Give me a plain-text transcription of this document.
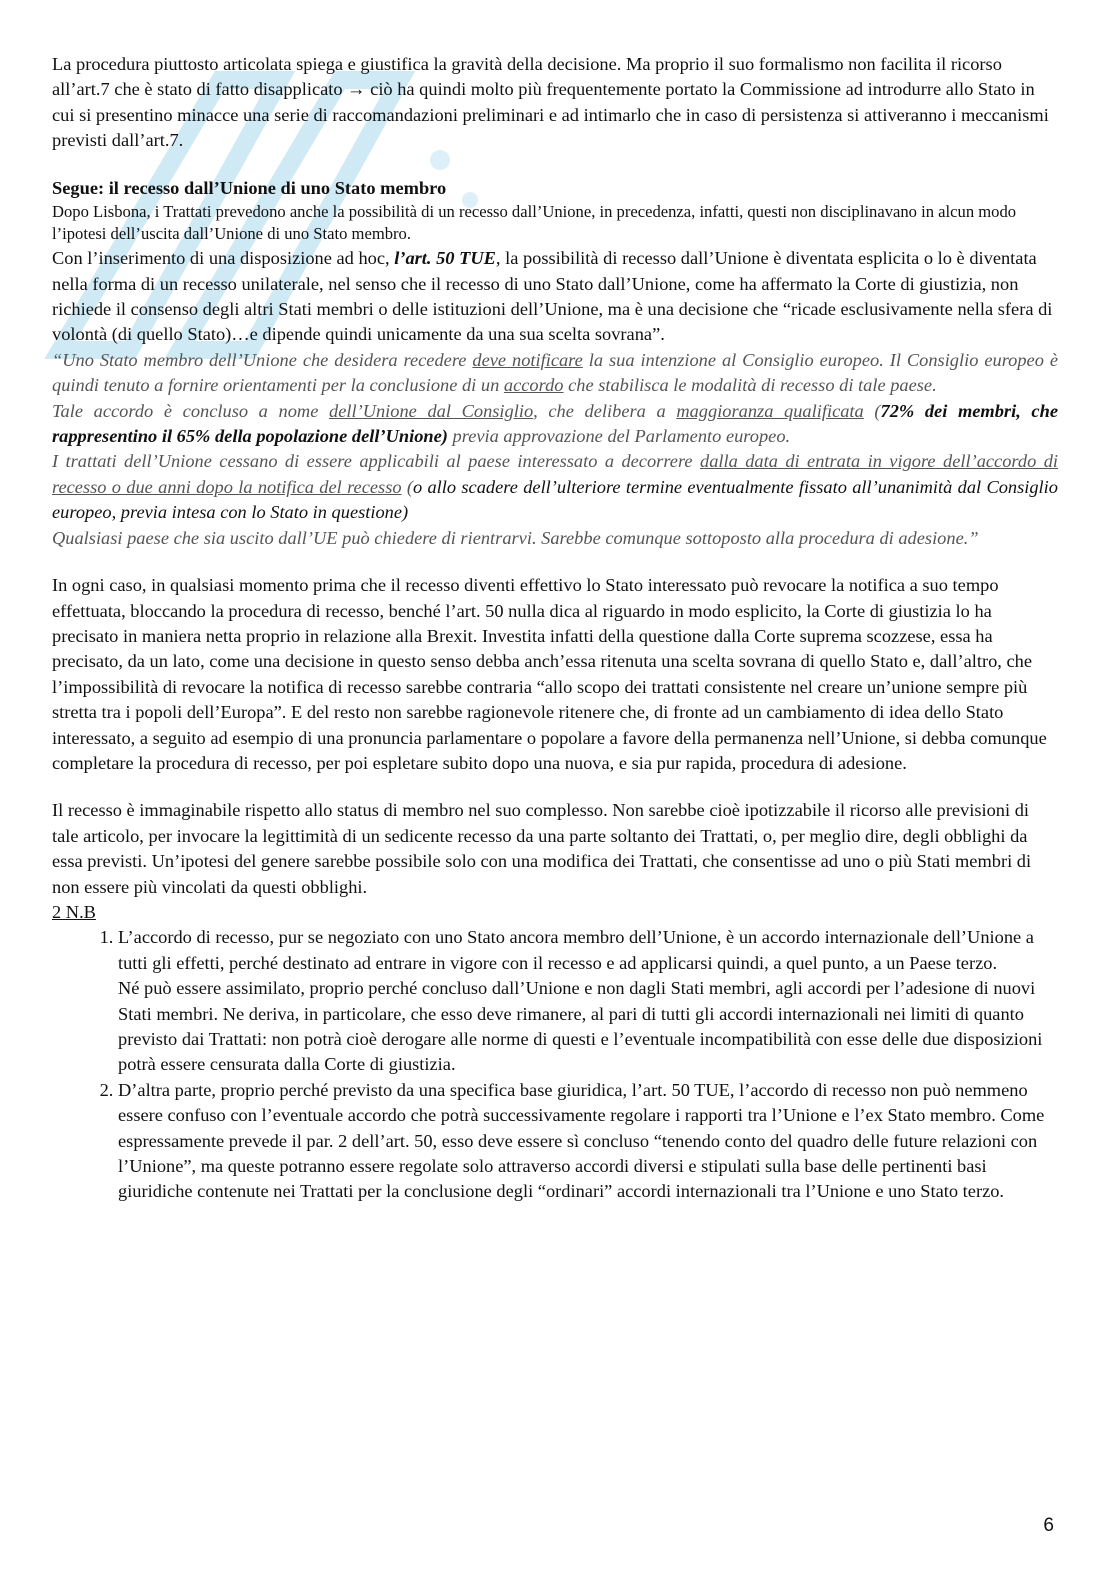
La procedura piuttosto articolata spiega e giustifica la gravità della decisione. Ma proprio il suo formalismo non facilita il ricorso all’art.7 che è stato di fatto disapplicato → ciò ha quindi molto più frequentemente portato la Commissione ad introdurre allo Stato in cui si presentino minacce una serie di raccomandazioni preliminari e ad intimarlo che in caso di persistenza si attiveranno i meccanismi previsti dall’art.7.

Segue: il recesso dall’Unione di uno Stato membro

Dopo Lisbona, i Trattati prevedono anche la possibilità di un recesso dall’Unione, in precedenza, infatti, questi non disciplinavano in alcun modo l’ipotesi dell’uscita dall’Unione di uno Stato membro.

Con l’inserimento di una disposizione ad hoc, l’art. 50 TUE, la possibilità di recesso dall’Unione è diventata esplicita o lo è diventata nella forma di un recesso unilaterale, nel senso che il recesso di uno Stato dall’Unione, come ha affermato la Corte di giustizia, non richiede il consenso degli altri Stati membri o delle istituzioni dell’Unione, ma è una decisione che “ricade esclusivamente nella sfera di volontà (di quello Stato)…e dipende quindi unicamente da una sua scelta sovrana”.

“Uno Stato membro dell’Unione che desidera recedere deve notificare la sua intenzione al Consiglio europeo. Il Consiglio europeo è quindi tenuto a fornire orientamenti per la conclusione di un accordo che stabilisca le modalità di recesso di tale paese.

Tale accordo è concluso a nome dell’Unione dal Consiglio, che delibera a maggioranza qualificata (72% dei membri, che rappresentino il 65% della popolazione dell’Unione) previa approvazione del Parlamento europeo.

I trattati dell’Unione cessano di essere applicabili al paese interessato a decorrere dalla data di entrata in vigore dell’accordo di recesso o due anni dopo la notifica del recesso (o allo scadere dell’ulteriore termine eventualmente fissato all’unanimità dal Consiglio europeo, previa intesa con lo Stato in questione)

Qualsiasi paese che sia uscito dall’UE può chiedere di rientrarvi. Sarebbe comunque sottoposto alla procedura di adesione.”

In ogni caso, in qualsiasi momento prima che il recesso diventi effettivo lo Stato interessato può revocare la notifica a suo tempo effettuata, bloccando la procedura di recesso, benché l’art. 50 nulla dica al riguardo in modo esplicito, la Corte di giustizia lo ha precisato in maniera netta proprio in relazione alla Brexit. Investita infatti della questione dalla Corte suprema scozzese, essa ha precisato, da un lato, come una decisione in questo senso debba anch’essa ritenuta una scelta sovrana di quello Stato e, dall’altro, che l’impossibilità di revocare la notifica di recesso sarebbe contraria “allo scopo dei trattati consistente nel creare un’unione sempre più stretta tra i popoli dell’Europa”. E del resto non sarebbe ragionevole ritenere che, di fronte ad un cambiamento di idea dello Stato interessato, a seguito ad esempio di una pronuncia parlamentare o popolare a favore della permanenza nell’Unione, si debba comunque completare la procedura di recesso, per poi espletare subito dopo una nuova, e sia pur rapida, procedura di adesione.

Il recesso è immaginabile rispetto allo status di membro nel suo complesso. Non sarebbe cioè ipotizzabile il ricorso alle previsioni di tale articolo, per invocare la legittimità di un sedicente recesso da una parte soltanto dei Trattati, o, per meglio dire, degli obblighi da essa previsti. Un’ipotesi del genere sarebbe possibile solo con una modifica dei Trattati, che consentisse ad uno o più Stati membri di non essere più vincolati da questi obblighi.

2 N.B

1. L’accordo di recesso, pur se negoziato con uno Stato ancora membro dell’Unione, è un accordo internazionale dell’Unione a tutti gli effetti, perché destinato ad entrare in vigore con il recesso e ad applicarsi quindi, a quel punto, a un Paese terzo.
Né può essere assimilato, proprio perché concluso dall’Unione e non dagli Stati membri, agli accordi per l’adesione di nuovi Stati membri. Ne deriva, in particolare, che esso deve rimanere, al pari di tutti gli accordi internazionali nei limiti di quanto previsto dai Trattati: non potrà cioè derogare alle norme di questi e l’eventuale incompatibilità con esse delle due disposizioni potrà essere censurata dalla Corte di giustizia.
2. D’altra parte, proprio perché previsto da una specifica base giuridica, l’art. 50 TUE, l’accordo di recesso non può nemmeno essere confuso con l’eventuale accordo che potrà successivamente regolare i rapporti tra l’Unione e l’ex Stato membro. Come espressamente prevede il par. 2 dell’art. 50, esso deve essere sì concluso “tenendo conto del quadro delle future relazioni con l’Unione”, ma queste potranno essere regolate solo attraverso accordi diversi e stipulati sulla base delle pertinenti basi giuridiche contenute nei Trattati per la conclusione degli “ordinari” accordi internazionali tra l’Unione e uno Stato terzo.
6
